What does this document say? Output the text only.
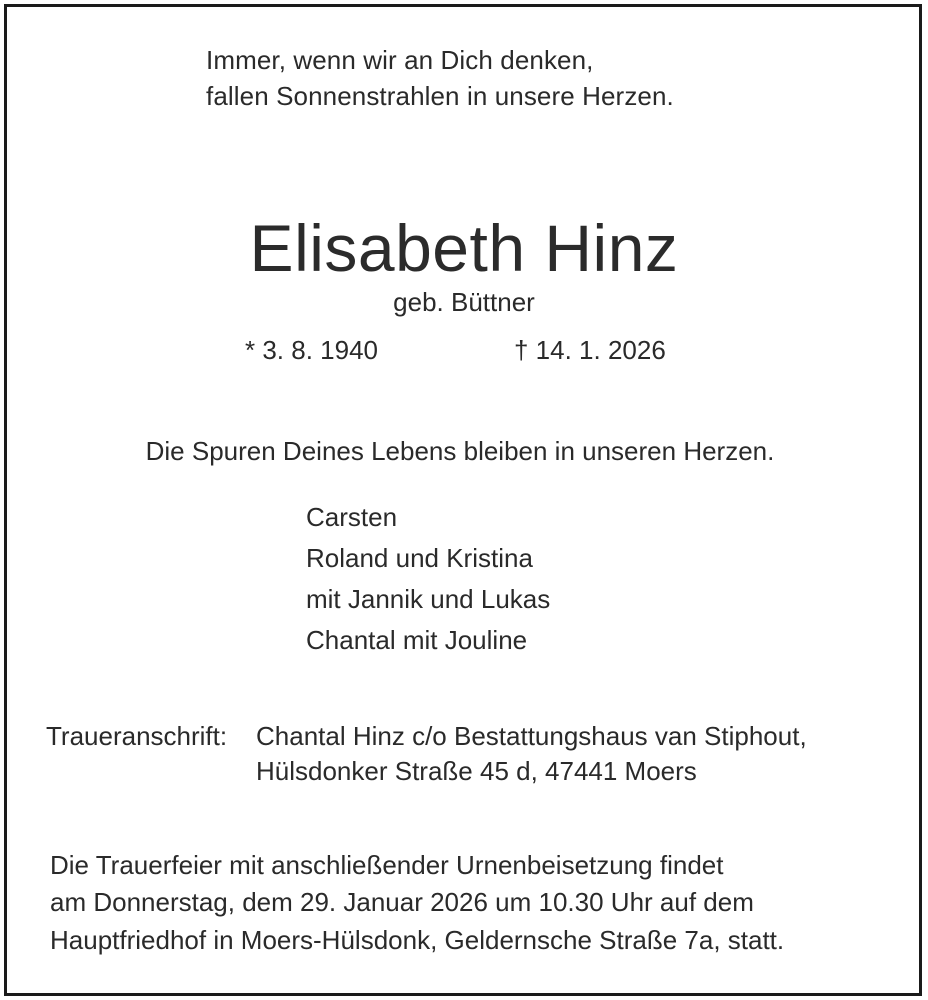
Immer, wenn wir an Dich denken,
fallen Sonnenstrahlen in unsere Herzen.
Elisabeth Hinz
geb. Büttner
* 3. 8. 1940	† 14. 1. 2026
Die Spuren Deines Lebens bleiben in unseren Herzen.
Carsten
Roland und Kristina
mit Jannik und Lukas
Chantal mit Jouline
Traueranschrift: Chantal Hinz c/o Bestattungshaus van Stiphout,
Hülsdonker Straße 45 d, 47441 Moers
Die Trauerfeier mit anschließender Urnenbeisetzung findet
am Donnerstag, dem 29. Januar 2026 um 10.30 Uhr auf dem
Hauptfriedhof in Moers-Hülsdonk, Geldernsche Straße 7a, statt.
